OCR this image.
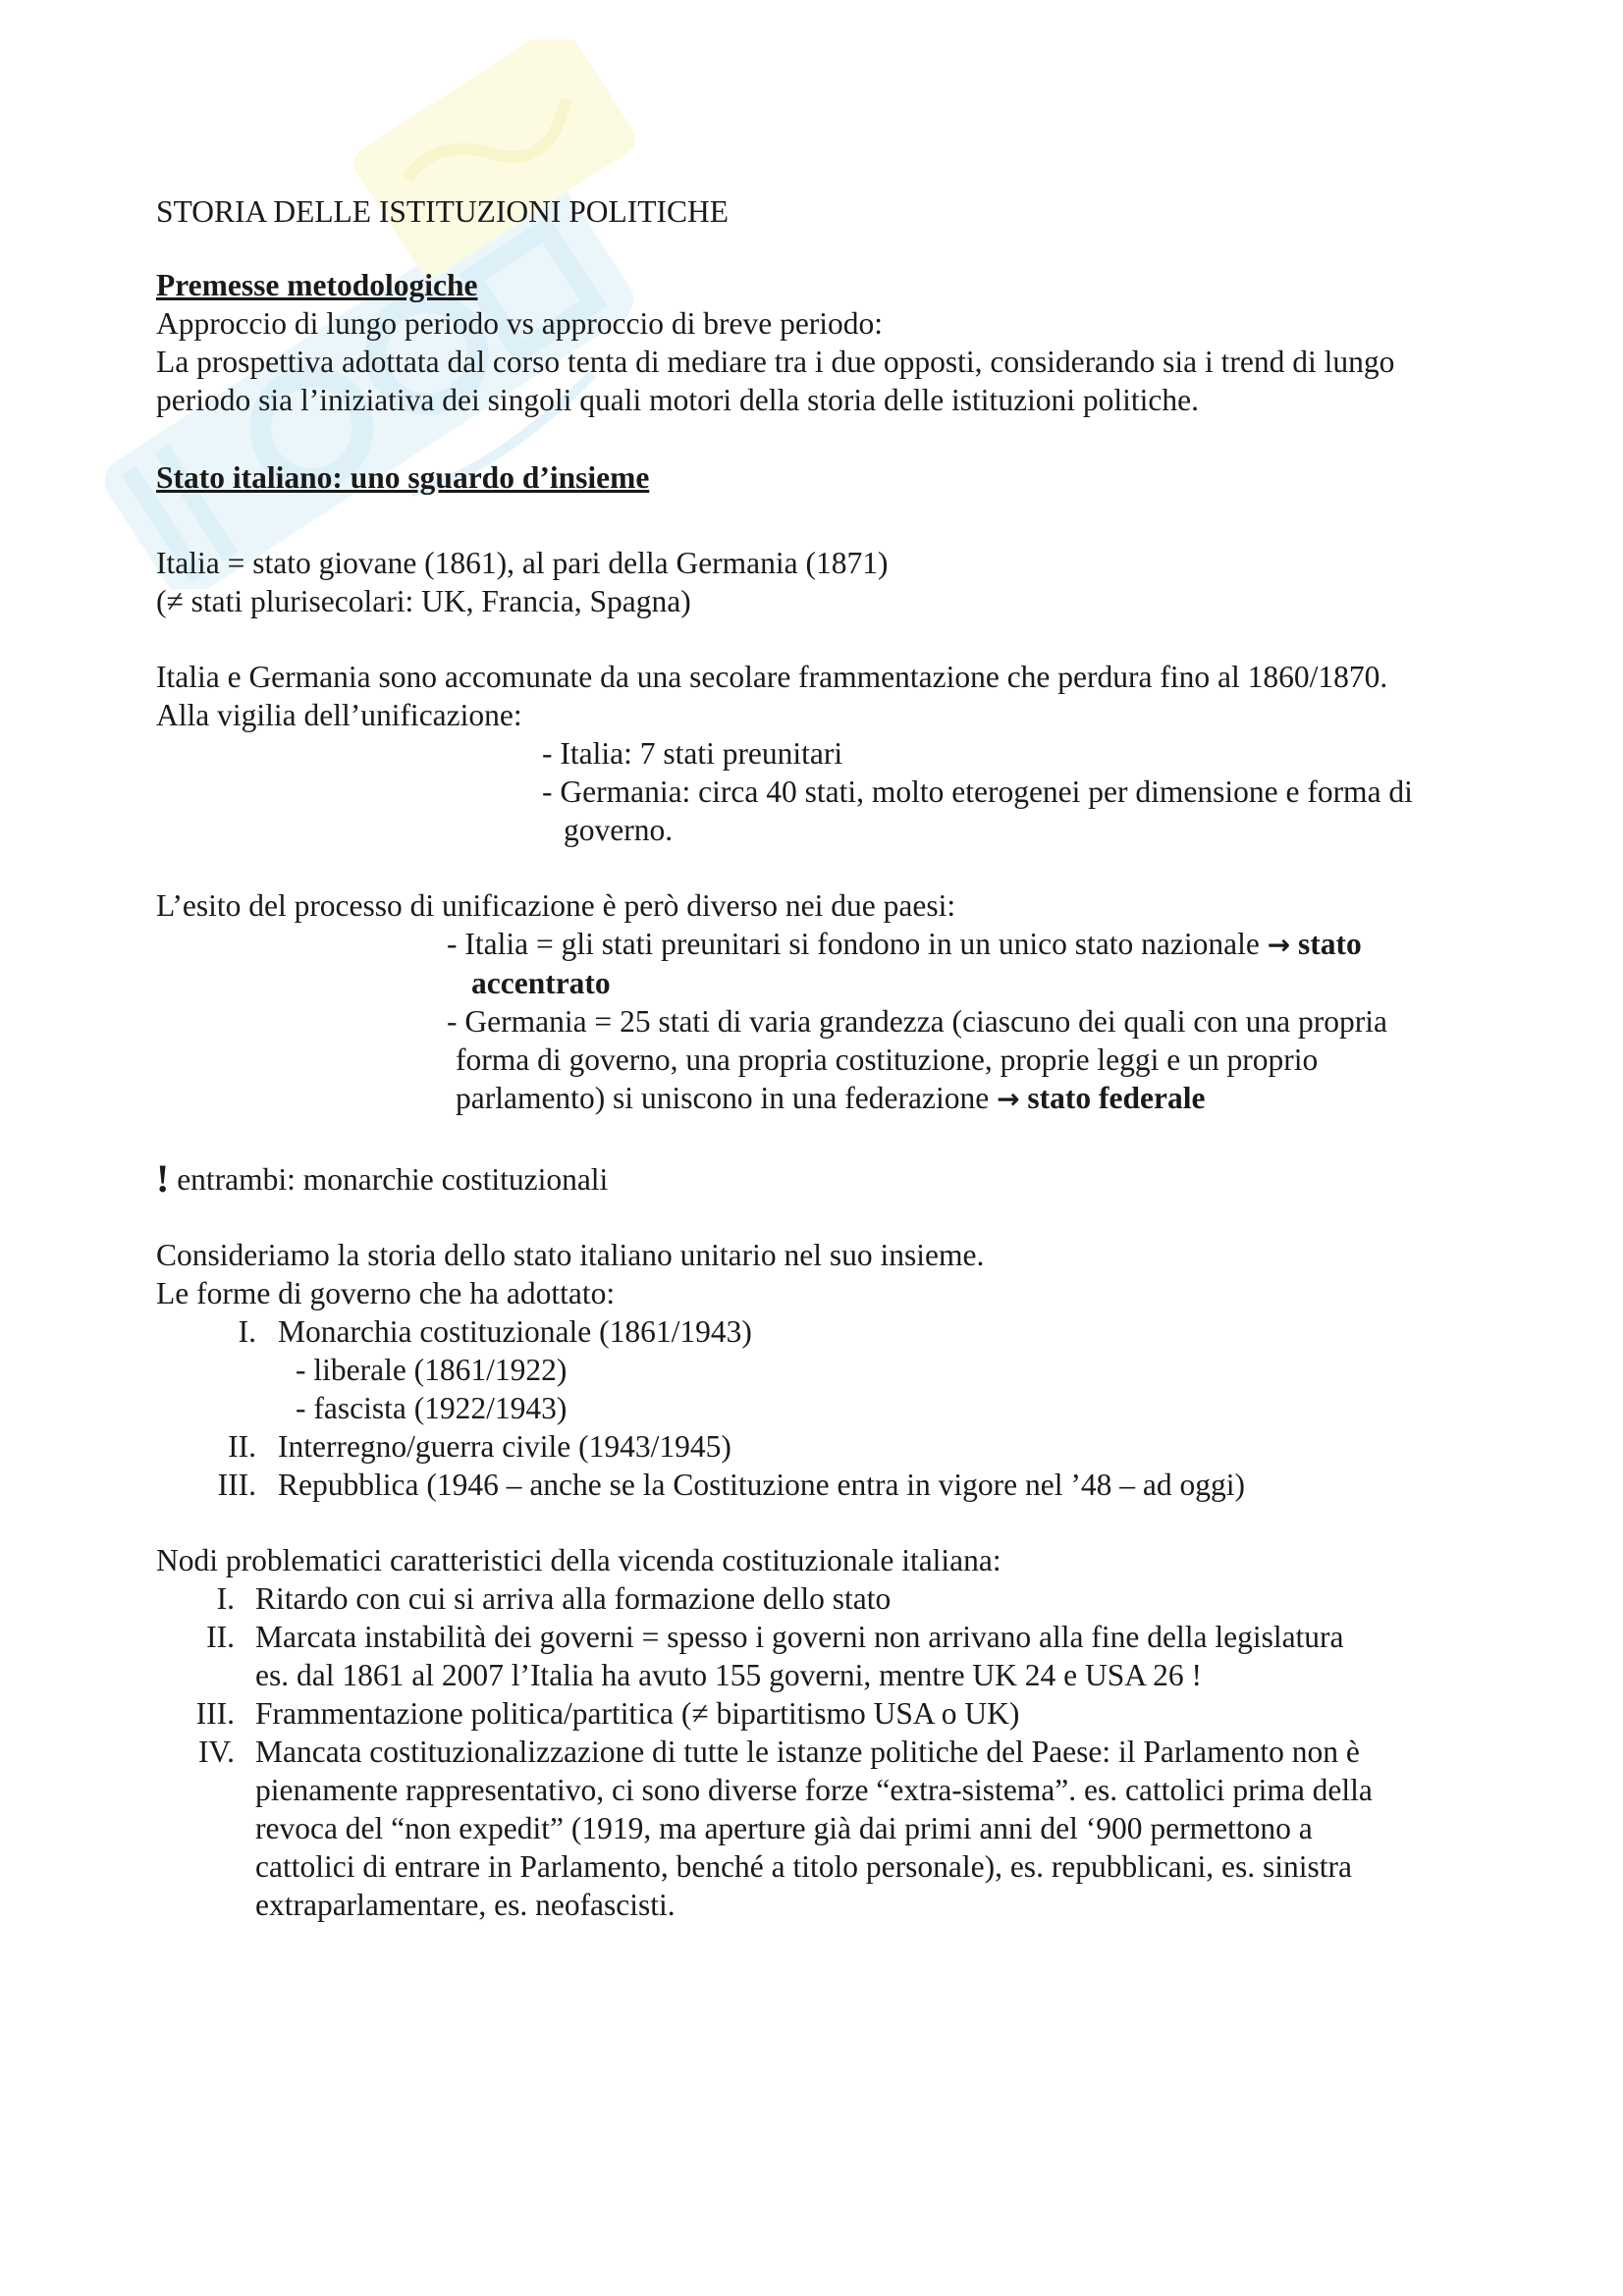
STORIA DELLE ISTITUZIONI POLITICHE
Premesse metodologiche
Approccio di lungo periodo vs approccio di breve periodo:
La prospettiva adottata dal corso tenta di mediare tra i due opposti, considerando sia i trend di lungo
periodo sia l’iniziativa dei singoli quali motori della storia delle istituzioni politiche.
Stato italiano: uno sguardo d’insieme
Italia = stato giovane (1861), al pari della Germania (1871)
(≠ stati plurisecolari: UK, Francia, Spagna)
Italia e Germania sono accomunate da una secolare frammentazione che perdura fino al 1860/1870.
Alla vigilia dell’unificazione:
- Italia: 7 stati preunitari
- Germania: circa 40 stati, molto eterogenei per dimensione e forma di
governo.
L’esito del processo di unificazione è però diverso nei due paesi:
- Italia = gli stati preunitari si fondono in un unico stato nazionale → stato
accentrato
- Germania = 25 stati di varia grandezza (ciascuno dei quali con una propria
forma di governo, una propria costituzione, proprie leggi e un proprio
parlamento) si uniscono in una federazione → stato federale
! entrambi: monarchie costituzionali
Consideriamo la storia dello stato italiano unitario nel suo insieme.
Le forme di governo che ha adottato:
I. Monarchia costituzionale (1861/1943)
- liberale (1861/1922)
- fascista (1922/1943)
II. Interregno/guerra civile (1943/1945)
III. Repubblica (1946 – anche se la Costituzione entra in vigore nel ’48 – ad oggi)
Nodi problematici caratteristici della vicenda costituzionale italiana:
I. Ritardo con cui si arriva alla formazione dello stato
II. Marcata instabilità dei governi = spesso i governi non arrivano alla fine della legislatura
es. dal 1861 al 2007 l’Italia ha avuto 155 governi, mentre UK 24 e USA 26 !
III. Frammentazione politica/partitica (≠ bipartitismo USA o UK)
IV. Mancata costituzionalizzazione di tutte le istanze politiche del Paese: il Parlamento non è
pienamente rappresentativo, ci sono diverse forze “extra-sistema”. es. cattolici prima della
revoca del “non expedit” (1919, ma aperture già dai primi anni del ‘900 permettono a
cattolici di entrare in Parlamento, benché a titolo personale), es. repubblicani, es. sinistra
extraparlamentare, es. neofascisti.
